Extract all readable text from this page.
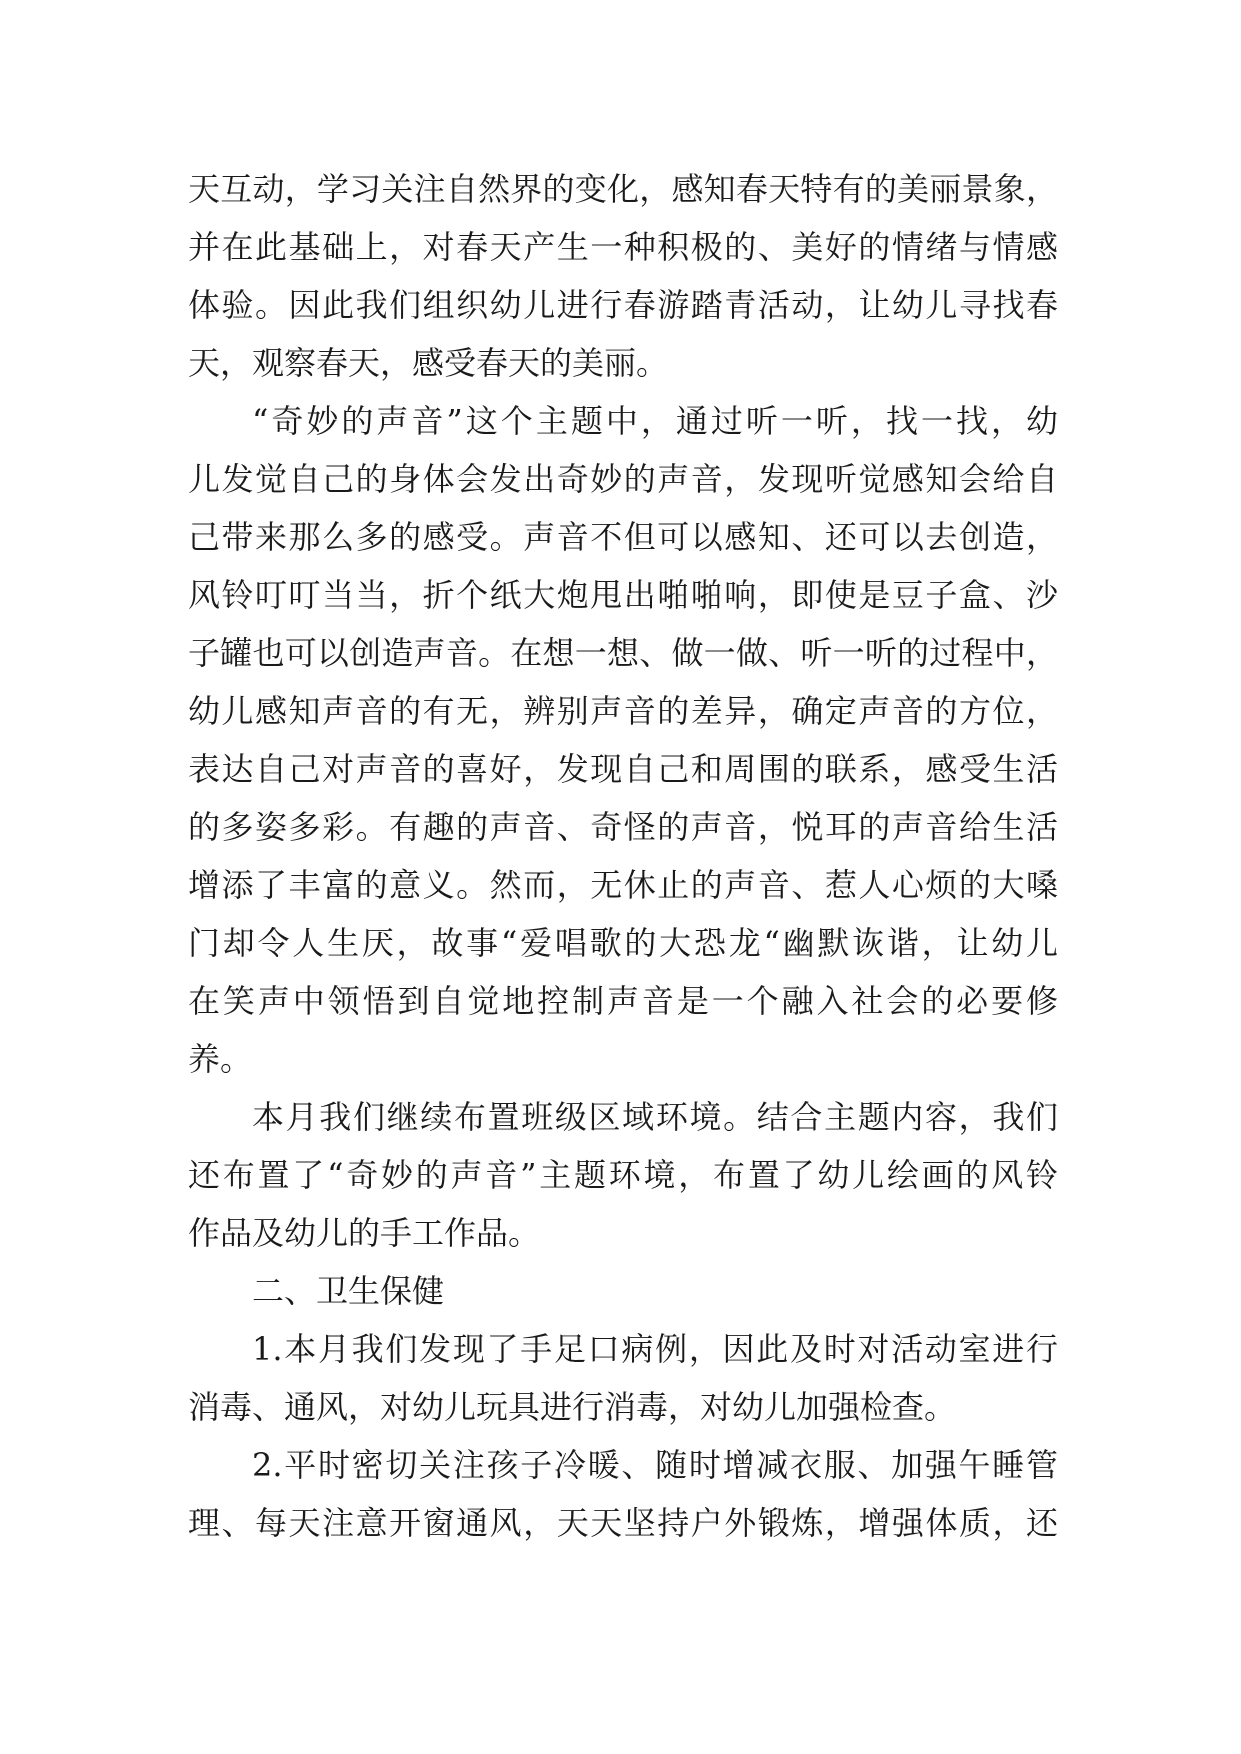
天互动，学习关注自然界的变化，感知春天特有的美丽景象，
并在此基础上，对春天产生一种积极的、美好的情绪与情感
体验。因此我们组织幼儿进行春游踏青活动，让幼儿寻找春
天，观察春天，感受春天的美丽。
“奇妙的声音”这个主题中，通过听一听，找一找，幼
儿发觉自己的身体会发出奇妙的声音，发现听觉感知会给自
己带来那么多的感受。声音不但可以感知、还可以去创造，
风铃叮叮当当，折个纸大炮甩出啪啪响，即使是豆子盒、沙
子罐也可以创造声音。在想一想、做一做、听一听的过程中，
幼儿感知声音的有无，辨别声音的差异，确定声音的方位，
表达自己对声音的喜好，发现自己和周围的联系，感受生活
的多姿多彩。有趣的声音、奇怪的声音，悦耳的声音给生活
增添了丰富的意义。然而，无休止的声音、惹人心烦的大嗓
门却令人生厌，故事“爱唱歌的大恐龙“幽默诙谐，让幼儿
在笑声中领悟到自觉地控制声音是一个融入社会的必要修
养。
本月我们继续布置班级区域环境。结合主题内容，我们
还布置了“奇妙的声音”主题环境，布置了幼儿绘画的风铃
作品及幼儿的手工作品。
二、卫生保健
1.本月我们发现了手足口病例，因此及时对活动室进行
消毒、通风，对幼儿玩具进行消毒，对幼儿加强检查。
2.平时密切关注孩子冷暖、随时增减衣服、加强午睡管
理、每天注意开窗通风，天天坚持户外锻炼，增强体质，还
